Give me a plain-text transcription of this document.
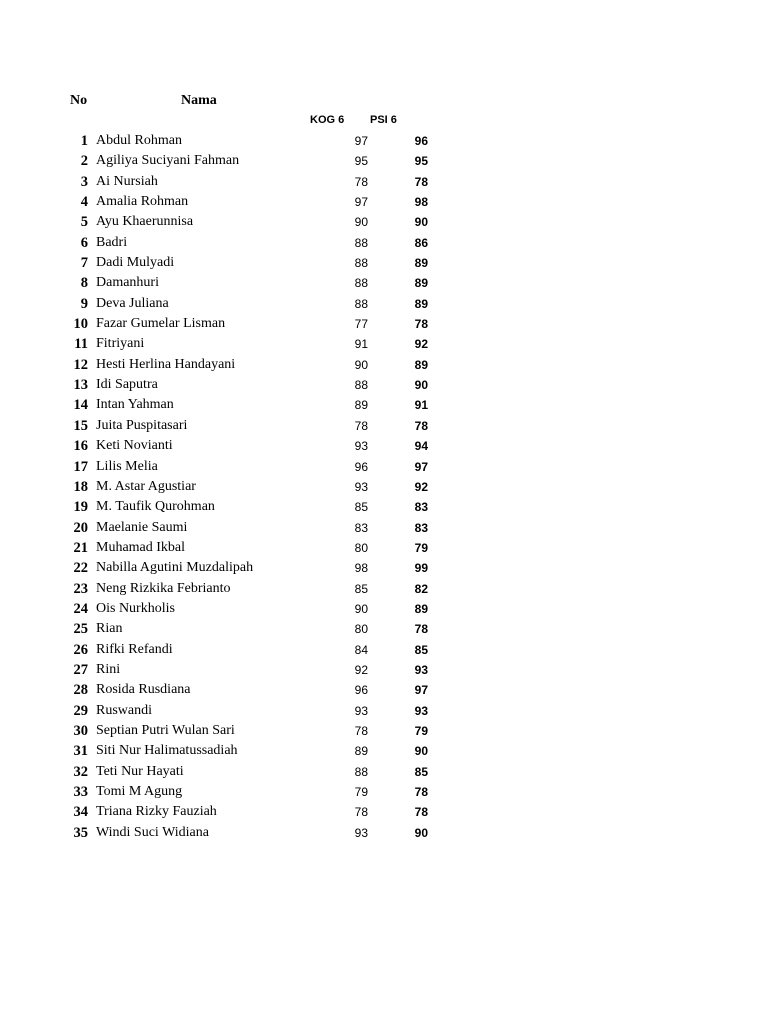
No	Nama
KOG 6 PSI 6
1 Abdul Rohman	97	96
2 Agiliya Suciyani Fahman	95	95
3 Ai Nursiah	78	78
4 Amalia Rohman	97	98
5 Ayu Khaerunnisa	90	90
6 Badri	88	86
7 Dadi Mulyadi	88	89
8 Damanhuri	88	89
9 Deva Juliana	88	89
10 Fazar Gumelar Lisman	77	78
11 Fitriyani	91	92
12 Hesti Herlina Handayani	90	89
13 Idi Saputra	88	90
14 Intan Yahman	89	91
15 Juita Puspitasari	78	78
16 Keti Novianti	93	94
17 Lilis Melia	96	97
18 M. Astar Agustiar	93	92
19 M. Taufik Qurohman	85	83
20 Maelanie Saumi	83	83
21 Muhamad Ikbal	80	79
22 Nabilla Agutini Muzdalipah	98	99
23 Neng Rizkika Febrianto	85	82
24 Ois Nurkholis	90	89
25 Rian	80	78
26 Rifki Refandi	84	85
27 Rini	92	93
28 Rosida Rusdiana	96	97
29 Ruswandi	93	93
30 Septian Putri Wulan Sari	78	79
31 Siti Nur Halimatussadiah	89	90
32 Teti Nur Hayati	88	85
33 Tomi M Agung	79	78
34 Triana Rizky Fauziah	78	78
35 Windi Suci Widiana	93	90
